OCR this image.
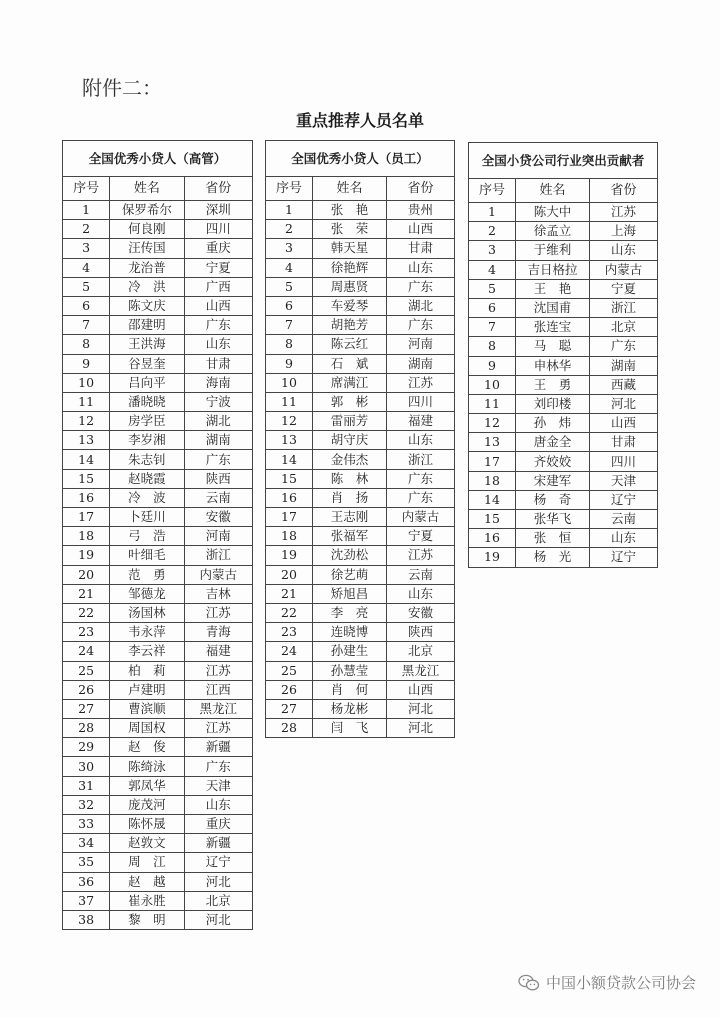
附件二：
重点推荐人员名单
全国优秀小贷人（高管）		
序号	姓名	省份
1	保罗希尔	深圳
2	何良刚	四川
3	汪传国	重庆
4	龙治普	宁夏
5	冷　洪	广西
6	陈文庆	山西
7	邵建明	广东
8	王洪海	山东
9	谷昱奎	甘肃
10	吕向平	海南
11	潘晓晓	宁波
12	房学臣	湖北
13	李岁湘	湖南
14	朱志钊	广东
15	赵晓霞	陕西
16	冷　波	云南
17	卜廷川	安徽
18	弓　浩	河南
19	叶细毛	浙江
20	范　勇	内蒙古
21	邹德龙	吉林
22	汤国林	江苏
23	韦永萍	青海
24	李云祥	福建
25	柏　莉	江苏
26	卢建明	江西
27	曹滨顺	黑龙江
28	周国权	江苏
29	赵　俊	新疆
30	陈绮泳	广东
31	郭凤华	天津
32	庞茂河	山东
33	陈怀晟	重庆
34	赵敦文	新疆
35	周　江	辽宁
36	赵　越	河北
37	崔永胜	北京
38	黎　明	河北
全国优秀小贷人（员工）		
序号	姓名	省份
1	张　艳	贵州
2	张　荣	山西
3	韩天星	甘肃
4	徐艳辉	山东
5	周惠贤	广东
6	车爱琴	湖北
7	胡艳芳	广东
8	陈云红	河南
9	石　斌	湖南
10	席满江	江苏
11	郭　彬	四川
12	雷丽芳	福建
13	胡守庆	山东
14	金伟杰	浙江
15	陈　林	广东
16	肖　扬	广东
17	王志刚	内蒙古
18	张福军	宁夏
19	沈劲松	江苏
20	徐艺萌	云南
21	矫旭昌	山东
22	李　亮	安徽
23	连晓博	陕西
24	孙建生	北京
25	孙慧莹	黑龙江
26	肖　何	山西
27	杨龙彬	河北
28	闫　飞	河北
全国小贷公司行业突出贡献者		
序号	姓名	省份
1	陈大中	江苏
2	徐孟立	上海
3	于维利	山东
4	吉日格拉	内蒙古
5	王　艳	宁夏
6	沈国甫	浙江
7	张连宝	北京
8	马　聪	广东
9	申林华	湖南
10	王　勇	西藏
11	刘印楼	河北
12	孙　炜	山西
13	唐金全	甘肃
17	齐姣姣	四川
18	宋建军	天津
14	杨　奇	辽宁
15	张华飞	云南
16	张　恒	山东
19	杨　光	辽宁
中国小额贷款公司协会
